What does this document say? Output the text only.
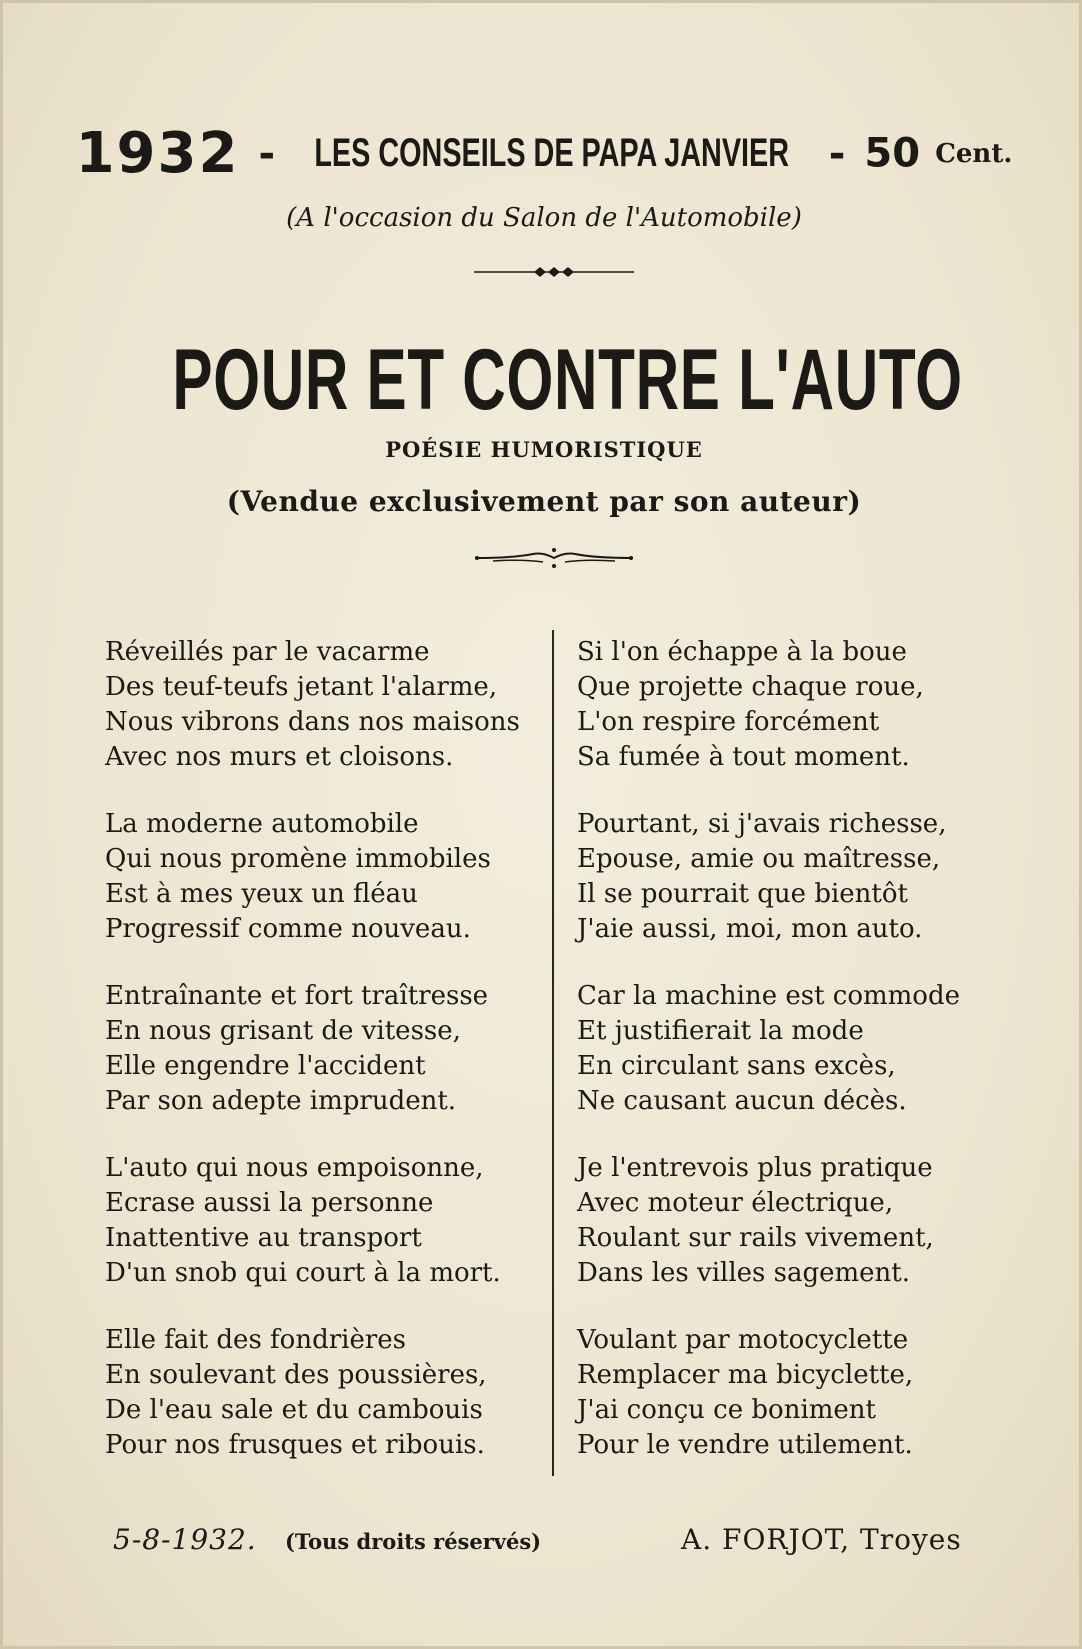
1932 - LES CONSEILS DE PAPA JANVIER - 50 Cent.
(A l'occasion du Salon de l'Automobile)
POUR ET CONTRE L'AUTO
POÉSIE HUMORISTIQUE
(Vendue exclusivement par son auteur)
Réveillés par le vacarme
Des teuf-teufs jetant l'alarme,
Nous vibrons dans nos maisons
Avec nos murs et cloisons.
La moderne automobile
Qui nous promène immobiles
Est à mes yeux un fléau
Progressif comme nouveau.
Entraînante et fort traîtresse
En nous grisant de vitesse,
Elle engendre l'accident
Par son adepte imprudent.
L'auto qui nous empoisonne,
Ecrase aussi la personne
Inattentive au transport
D'un snob qui court à la mort.
Elle fait des fondrières
En soulevant des poussières,
De l'eau sale et du cambouis
Pour nos frusques et ribouis.
Si l'on échappe à la boue
Que projette chaque roue,
L'on respire forcément
Sa fumée à tout moment.
Pourtant, si j'avais richesse,
Epouse, amie ou maîtresse,
Il se pourrait que bientôt
J'aie aussi, moi, mon auto.
Car la machine est commode
Et justifierait la mode
En circulant sans excès,
Ne causant aucun décès.
Je l'entrevois plus pratique
Avec moteur électrique,
Roulant sur rails vivement,
Dans les villes sagement.
Voulant par motocyclette
Remplacer ma bicyclette,
J'ai conçu ce boniment
Pour le vendre utilement.
5-8-1932. (Tous droits réservés)	A. FORJOT, Troyes
